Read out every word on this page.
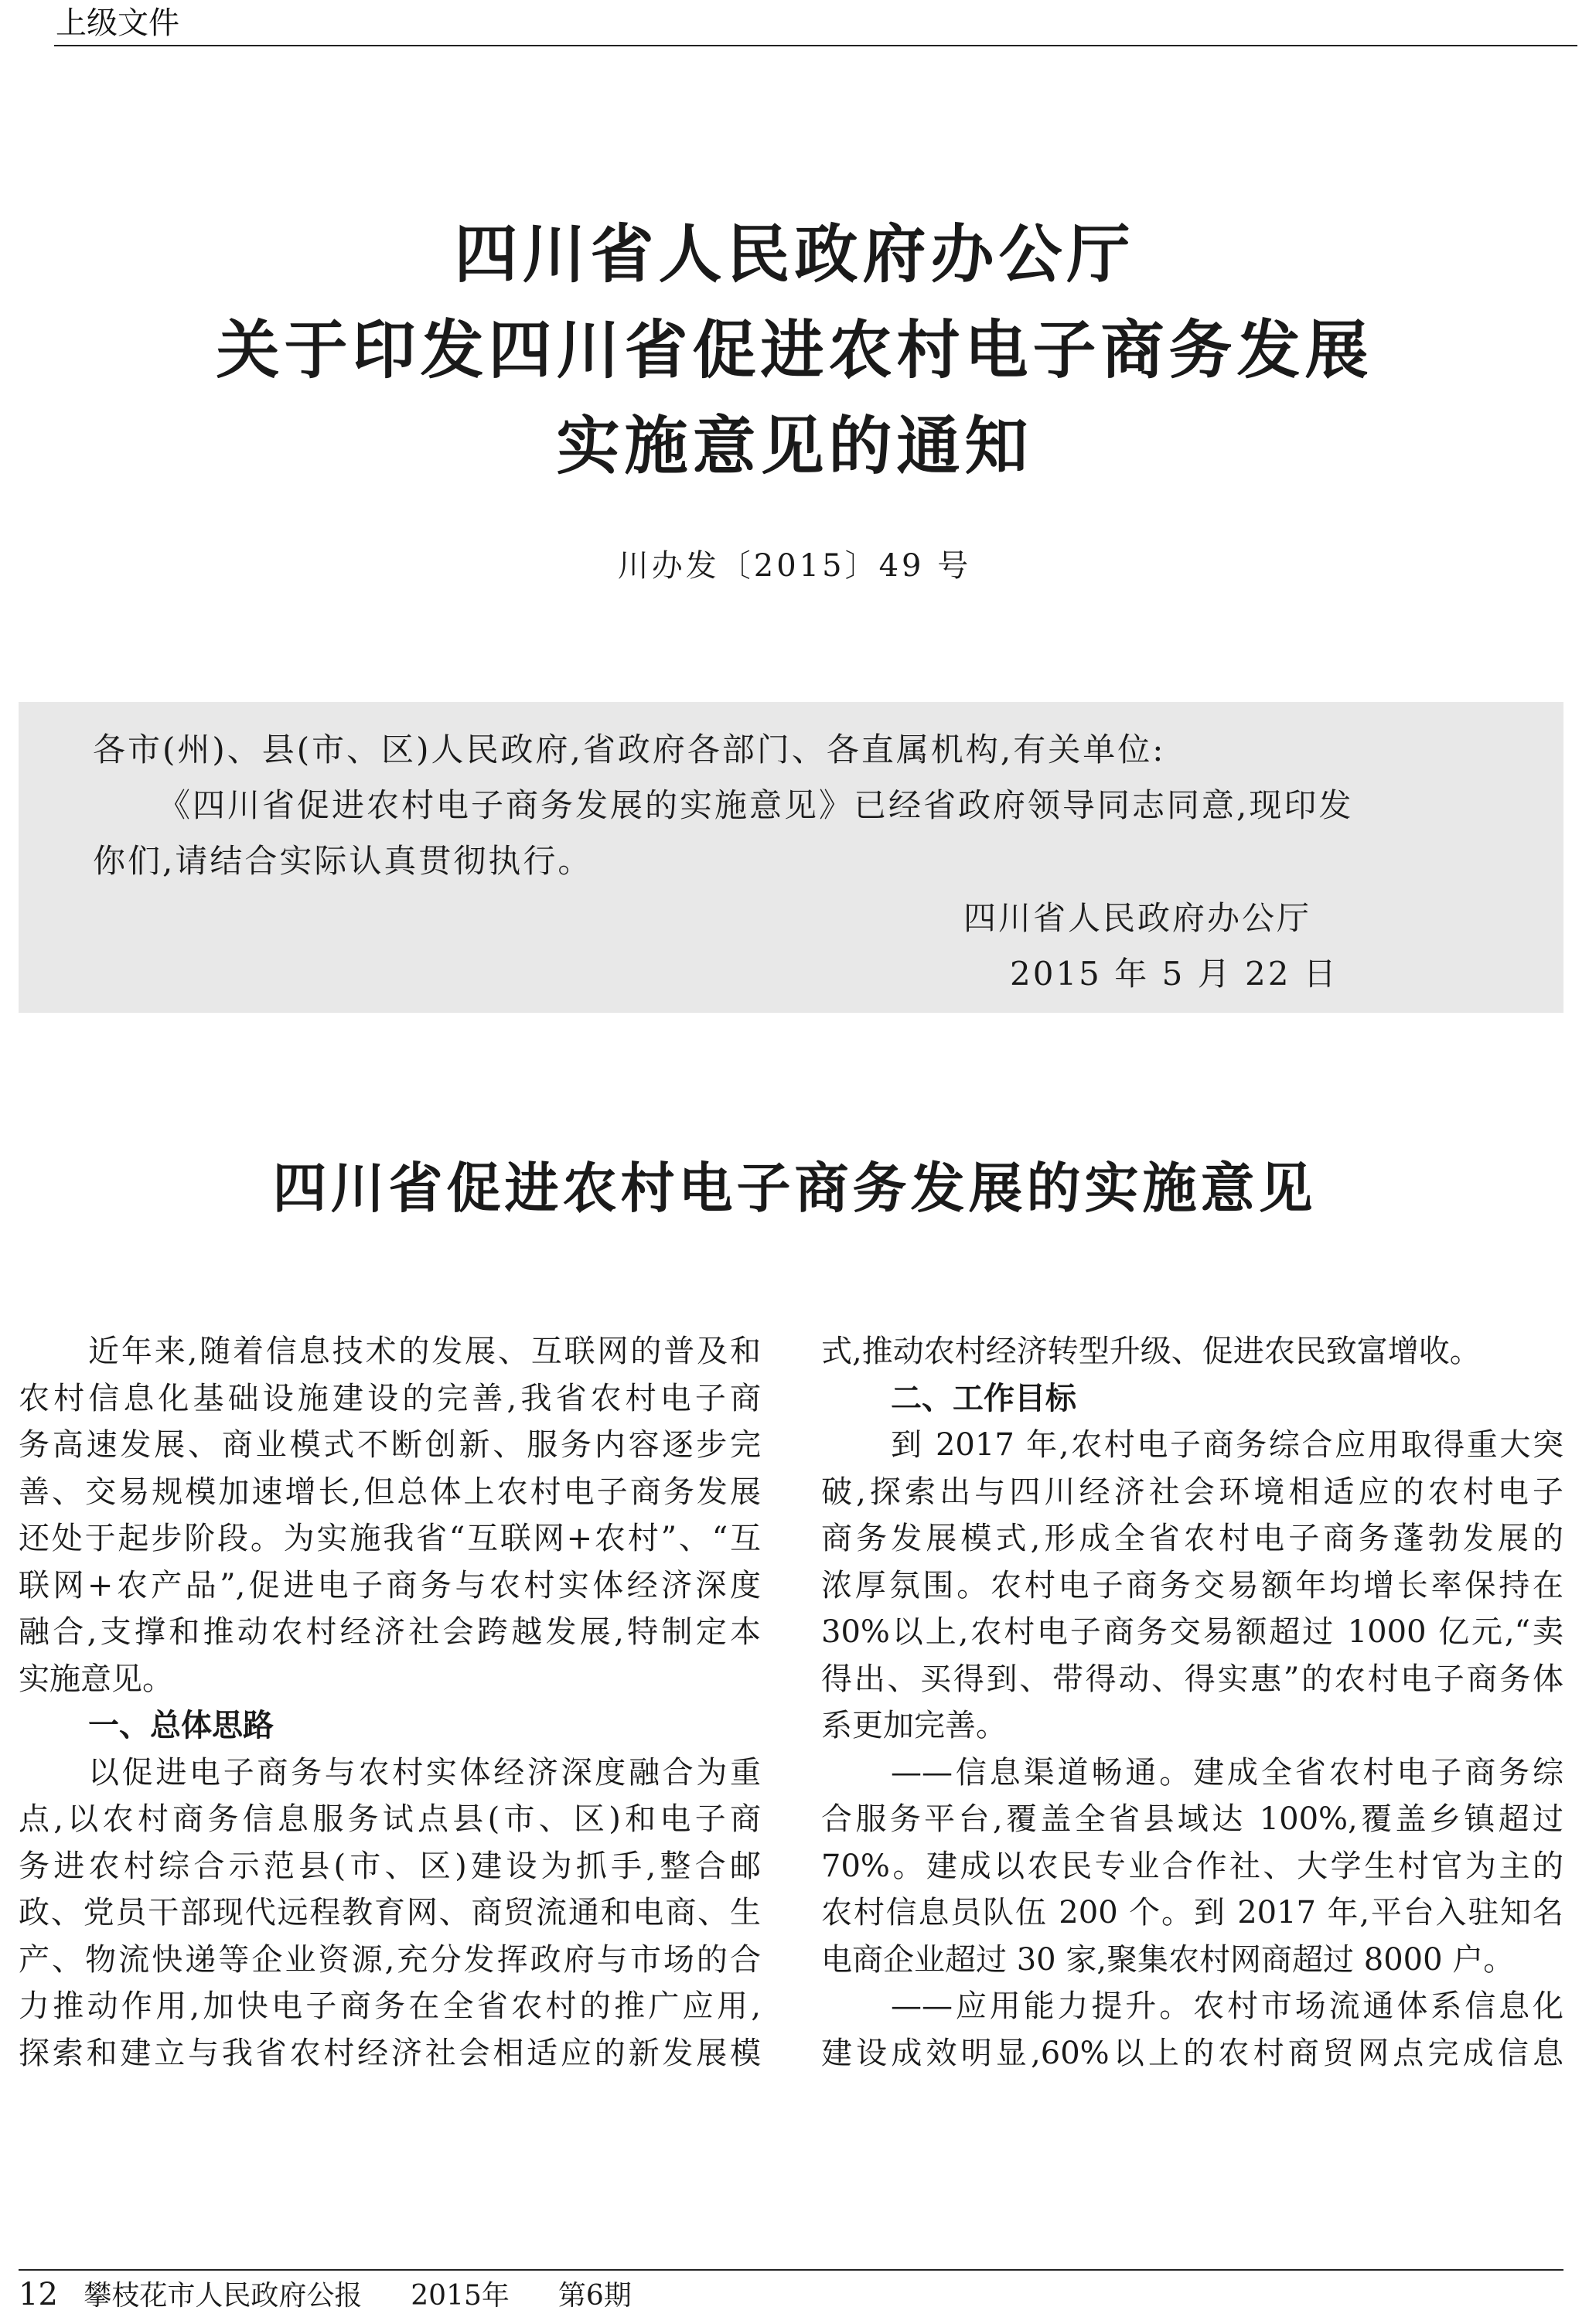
上级文件
四川省人民政府办公厅
关于印发四川省促进农村电子商务发展
实施意见的通知
川办发〔2015〕49 号
各市(州)、县(市、区)人民政府,省政府各部门、各直属机构,有关单位:
《四川省促进农村电子商务发展的实施意见》已经省政府领导同志同意,现印发
你们,请结合实际认真贯彻执行。
四川省人民政府办公厅
2015 年 5 月 22 日
四川省促进农村电子商务发展的实施意见
近年来,随着信息技术的发展、互联网的普及和
农村信息化基础设施建设的完善,我省农村电子商
务高速发展、商业模式不断创新、服务内容逐步完
善、交易规模加速增长,但总体上农村电子商务发展
还处于起步阶段。为实施我省“互联网+农村”、“互
联网+农产品”,促进电子商务与农村实体经济深度
融合,支撑和推动农村经济社会跨越发展,特制定本
实施意见。
一、总体思路
以促进电子商务与农村实体经济深度融合为重
点,以农村商务信息服务试点县(市、区)和电子商
务进农村综合示范县(市、区)建设为抓手,整合邮
政、党员干部现代远程教育网、商贸流通和电商、生
产、物流快递等企业资源,充分发挥政府与市场的合
力推动作用,加快电子商务在全省农村的推广应用,
探索和建立与我省农村经济社会相适应的新发展模
式,推动农村经济转型升级、促进农民致富增收。
二、工作目标
到 2017 年,农村电子商务综合应用取得重大突
破,探索出与四川经济社会环境相适应的农村电子
商务发展模式,形成全省农村电子商务蓬勃发展的
浓厚氛围。农村电子商务交易额年均增长率保持在
30%以上,农村电子商务交易额超过 1000 亿元,“卖
得出、买得到、带得动、得实惠”的农村电子商务体
系更加完善。
——信息渠道畅通。建成全省农村电子商务综
合服务平台,覆盖全省县域达 100%,覆盖乡镇超过
70%。建成以农民专业合作社、大学生村官为主的
农村信息员队伍 200 个。到 2017 年,平台入驻知名
电商企业超过 30 家,聚集农村网商超过 8000 户。
——应用能力提升。农村市场流通体系信息化
建设成效明显,60%以上的农村商贸网点完成信息
12 攀枝花市人民政府公报 2015年 第6期
